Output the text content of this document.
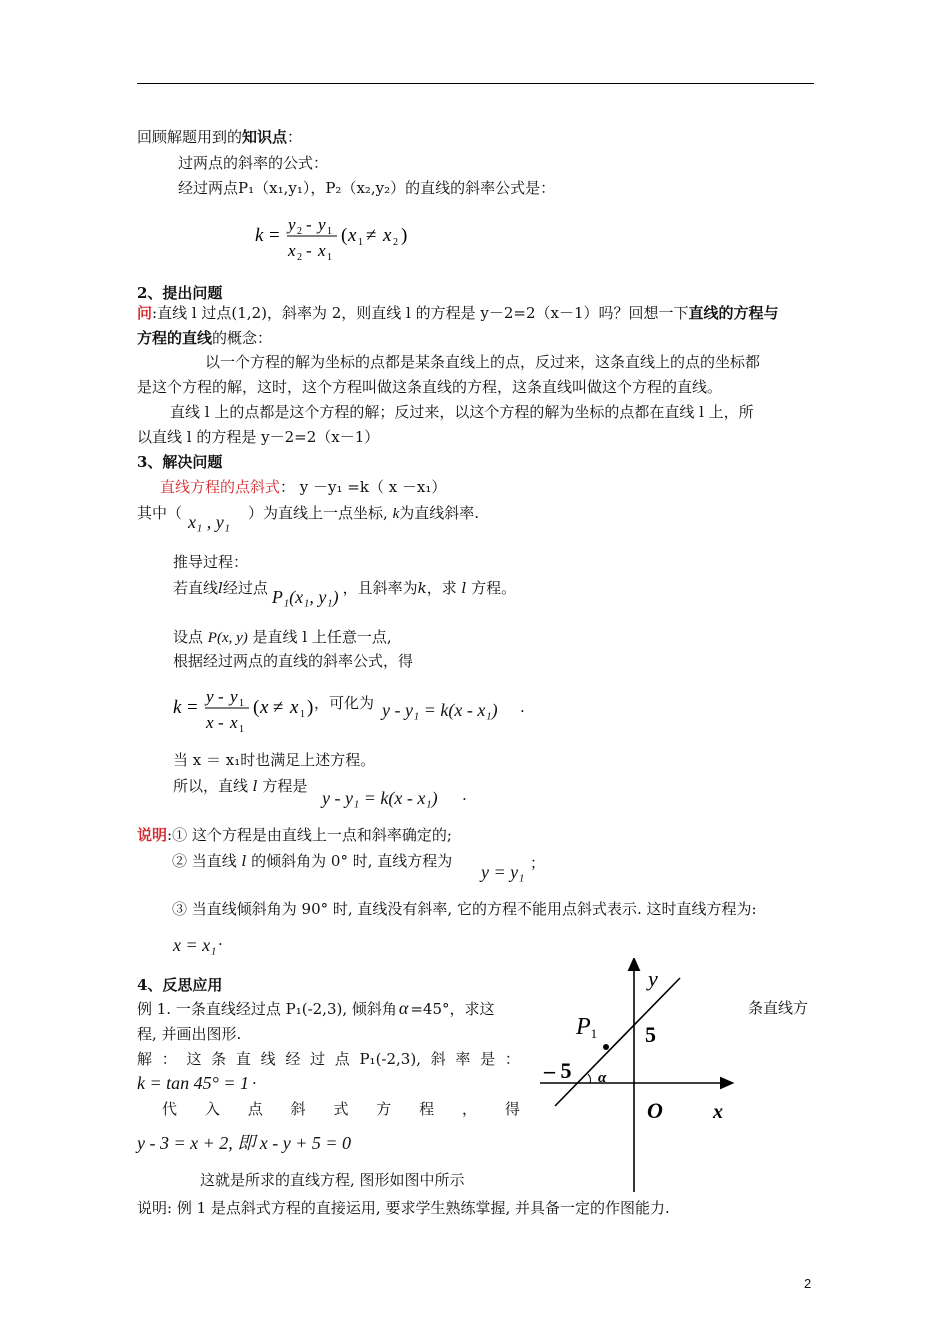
回顾解题用到的知识点：
过两点的斜率的公式：
经过两点P₁（x₁,y₁），P₂（x₂,y₂）的直线的斜率公式是：
k =
y 2 - y 1
x 2 - x 1
( x 1 ≠ x 2 )
2、提出问题
问:直线 l 过点(1,2)，斜率为 2，则直线 l 的方程是 y－2=2（x－1）吗？回想一下直线的方程与
方程的直线的概念：
以一个方程的解为坐标的点都是某条直线上的点，反过来，这条直线上的点的坐标都
是这个方程的解，这时，这个方程叫做这条直线的方程，这条直线叫做这个方程的直线。
直线 l 上的点都是这个方程的解；反过来，以这个方程的解为坐标的点都在直线 l 上，所
以直线 l 的方程是 y－2=2（x－1）
3、解决问题
直线方程的点斜式： y －y₁ =k（ x －x₁）
其中（ x₁ , y₁ ）为直线上一点坐标, k为直线斜率.
推导过程：
若直线l经过点 P₁(x₁, y₁) ，且斜率为k，求 l 方程。
设点 P(x, y) 是直线 l 上任意一点,
根据经过两点的直线的斜率公式，得
k =
y - y 1
x - x 1
( x ≠ x 1 ) ，可化为 y - y₁ = k(x - x₁) .
当 x ＝ x₁时也满足上述方程。
所以，直线 l 方程是
y - y₁ = k(x - x₁) .
说明:① 这个方程是由直线上一点和斜率确定的;
② 当直线 l 的倾斜角为 0° 时, 直线方程为
y = y₁ ；
③ 当直线倾斜角为 90° 时, 直线没有斜率, 它的方程不能用点斜式表示. 这时直线方程为:
x = x₁ .
4、反思应用
例 1. 一条直线经过点 P₁(-2,3), 倾斜角 α =45°，求这	条直线方
程, 并画出图形.
解 ： 这 条 直 线 经 过 点 P₁(-2,3), 斜 率 是 ：
k = tan 45° = 1 .
代 入 点 斜 式 方 程 ， 得
y - 3 = x + 2, 即 x - y + 5 = 0
这就是所求的直线方程, 图形如图中所示
说明: 例 1 是点斜式方程的直接运用, 要求学生熟练掌握, 并具备一定的作图能力.
y
x
O
5
– 5
P1
α
2
